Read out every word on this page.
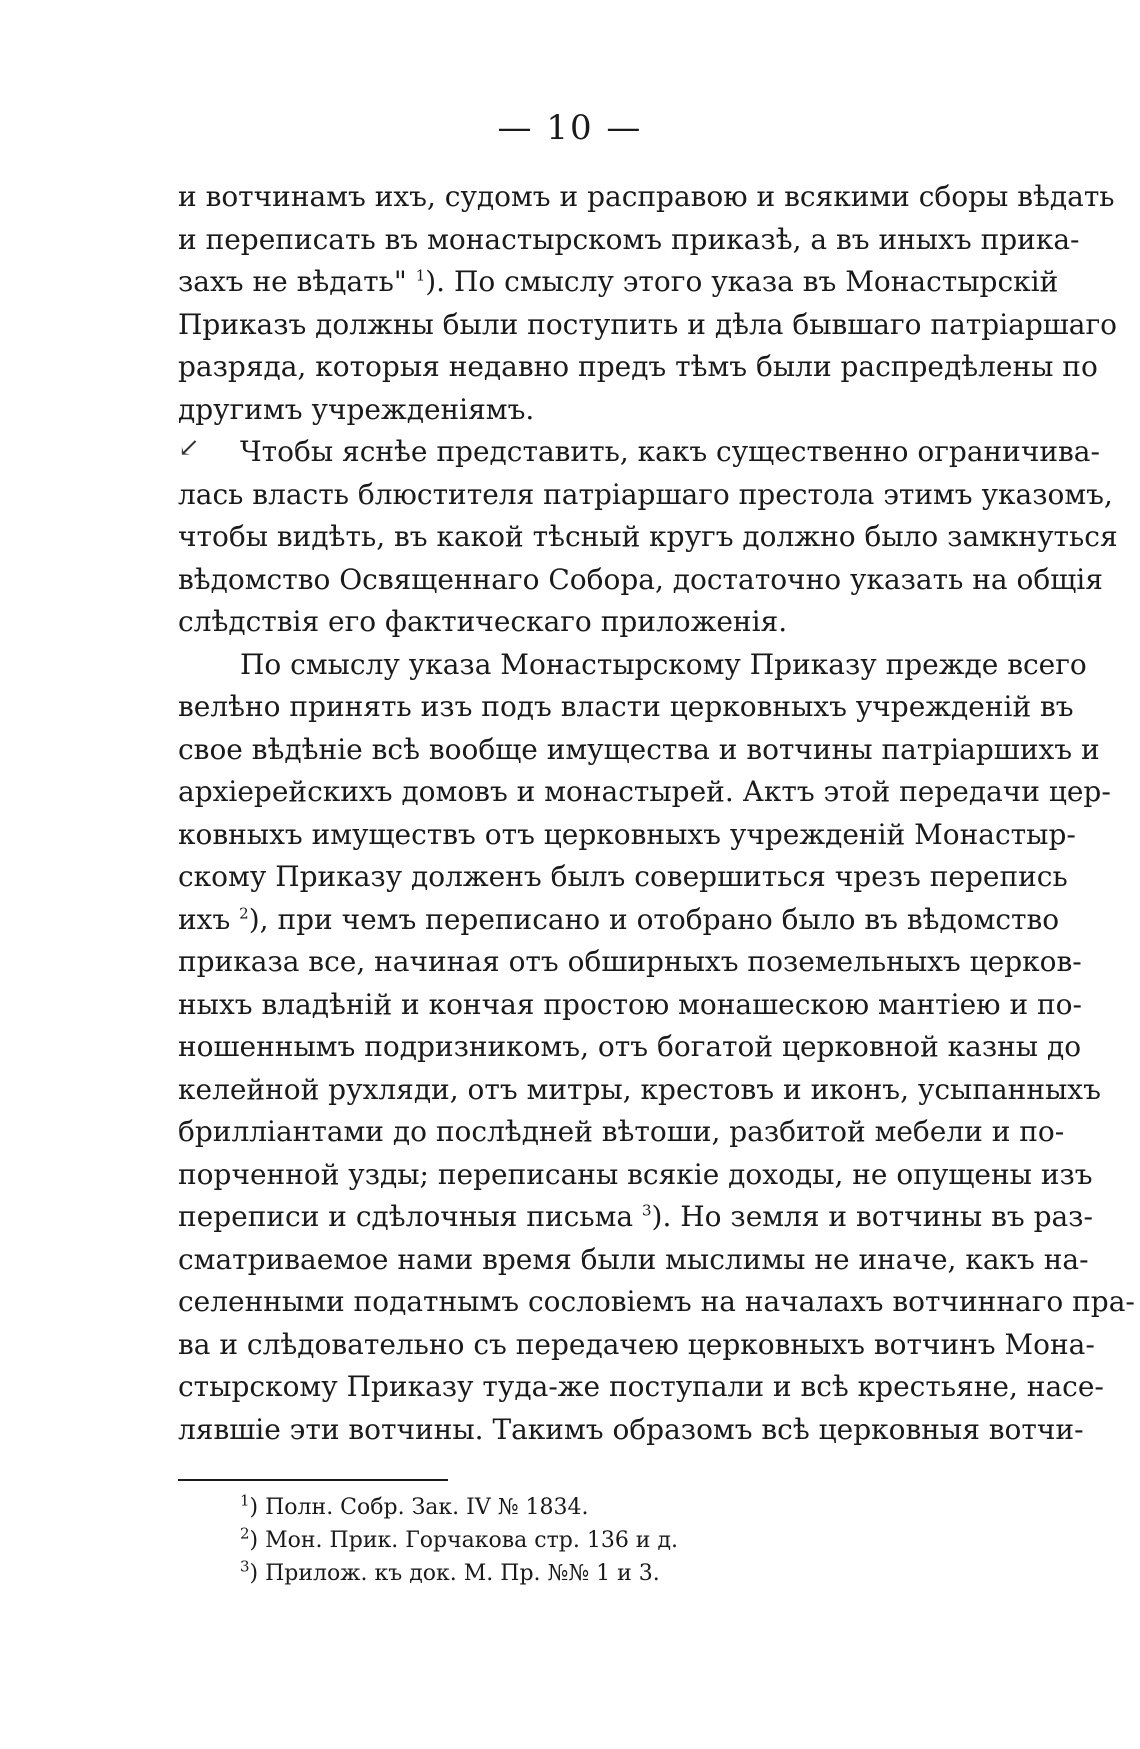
— 10 —
↙
и вотчинамъ ихъ, судомъ и расправою и всякими сборы вѣдать
и переписать въ монастырскомъ приказѣ, а въ иныхъ прика-
захъ не вѣдать" $^1$). По смыслу этого указа въ Монастырскій
Приказъ должны были поступить и дѣла бывшаго патріаршаго
разряда, которыя недавно предъ тѣмъ были распредѣлены по
другимъ учрежденіямъ.
Чтобы яснѣе представить, какъ существенно ограничива-
лась власть блюстителя патріаршаго престола этимъ указомъ,
чтобы видѣть, въ какой тѣсный кругъ должно было замкнуться
вѣдомство Освященнаго Собора, достаточно указать на общія
слѣдствія его фактическаго приложенія.
По смыслу указа Монастырскому Приказу прежде всего
велѣно принять изъ подъ власти церковныхъ учрежденій въ
свое вѣдѣніе всѣ вообще имущества и вотчины патріаршихъ и
архіерейскихъ домовъ и монастырей. Актъ этой передачи цер-
ковныхъ имуществъ отъ церковныхъ учрежденій Монастыр-
скому Приказу долженъ былъ совершиться чрезъ перепись
ихъ $^2$), при чемъ переписано и отобрано было въ вѣдомство
приказа все, начиная отъ обширныхъ поземельныхъ церков-
ныхъ владѣній и кончая простою монашескою мантіею и по-
ношеннымъ подризникомъ, отъ богатой церковной казны до
келейной рухляди, отъ митры, крестовъ и иконъ, усыпанныхъ
бриллiантами до послѣдней вѣтоши, разбитой мебели и по-
порченной узды; переписаны всякіе доходы, не опущены изъ
переписи и сдѣлочныя письма $^3$). Но земля и вотчины въ раз-
сматриваемое нами время были мыслимы не иначе, какъ на-
селенными податнымъ сословіемъ на началахъ вотчиннаго пра-
ва и слѣдовательно съ передачею церковныхъ вотчинъ Мона-
стырскому Приказу туда-же поступали и всѣ крестьяне, насе-
лявшіе эти вотчины. Такимъ образомъ всѣ церковныя вотчи-
$^1$) Полн. Собр. Зак. IV № 1834.
$^2$) Мон. Прик. Горчакова стр. 136 и д.
$^3$) Прилож. къ док. М. Пр. №№ 1 и 3.
